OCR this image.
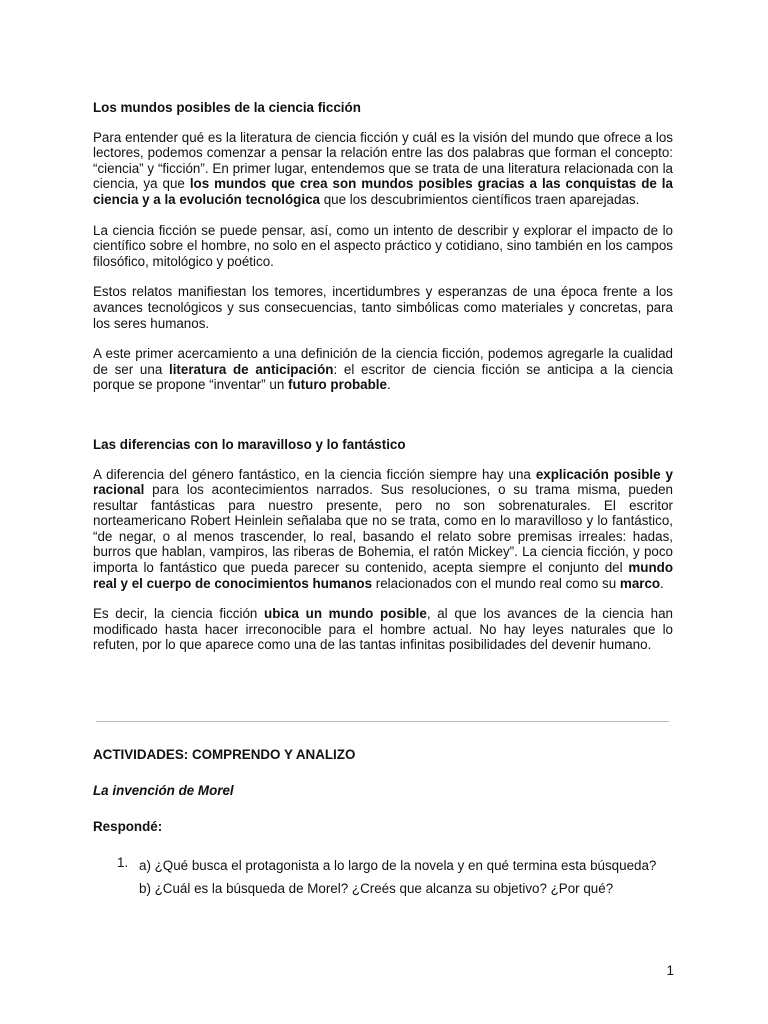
Los mundos posibles de la ciencia ficción

Para entender qué es la literatura de ciencia ficción y cuál es la visión del mundo que ofrece a los lectores, podemos comenzar a pensar la relación entre las dos palabras que forman el concepto: “ciencia” y “ficción”. En primer lugar, entendemos que se trata de una literatura relacionada con la ciencia, ya que los mundos que crea son mundos posibles gracias a las conquistas de la ciencia y a la evolución tecnológica que los descubrimientos científicos traen aparejadas.

La ciencia ficción se puede pensar, así, como un intento de describir y explorar el impacto de lo científico sobre el hombre, no solo en el aspecto práctico y cotidiano, sino también en los campos filosófico, mitológico y poético.

Estos relatos manifiestan los temores, incertidumbres y esperanzas de una época frente a los avances tecnológicos y sus consecuencias, tanto simbólicas como materiales y concretas, para los seres humanos.

A este primer acercamiento a una definición de la ciencia ficción, podemos agregarle la cualidad de ser una literatura de anticipación: el escritor de ciencia ficción se anticipa a la ciencia porque se propone “inventar” un futuro probable.

Las diferencias con lo maravilloso y lo fantástico

A diferencia del género fantástico, en la ciencia ficción siempre hay una explicación posible y racional para los acontecimientos narrados. Sus resoluciones, o su trama misma, pueden resultar fantásticas para nuestro presente, pero no son sobrenaturales. El escritor norteamericano Robert Heinlein señalaba que no se trata, como en lo maravilloso y lo fantástico, “de negar, o al menos trascender, lo real, basando el relato sobre premisas irreales: hadas, burros que hablan, vampiros, las riberas de Bohemia, el ratón Mickey”. La ciencia ficción, y poco importa lo fantástico que pueda parecer su contenido, acepta siempre el conjunto del mundo real y el cuerpo de conocimientos humanos relacionados con el mundo real como su marco.

Es decir, la ciencia ficción ubica un mundo posible, al que los avances de la ciencia han modificado hasta hacer irreconocible para el hombre actual. No hay leyes naturales que lo refuten, por lo que aparece como una de las tantas infinitas posibilidades del devenir humano.

ACTIVIDADES: COMPRENDO Y ANALIZO

La invención de Morel

Respondé:

1. a) ¿Qué busca el protagonista a lo largo de la novela y en qué termina esta búsqueda?
b) ¿Cuál es la búsqueda de Morel? ¿Creés que alcanza su objetivo? ¿Por qué?
1
